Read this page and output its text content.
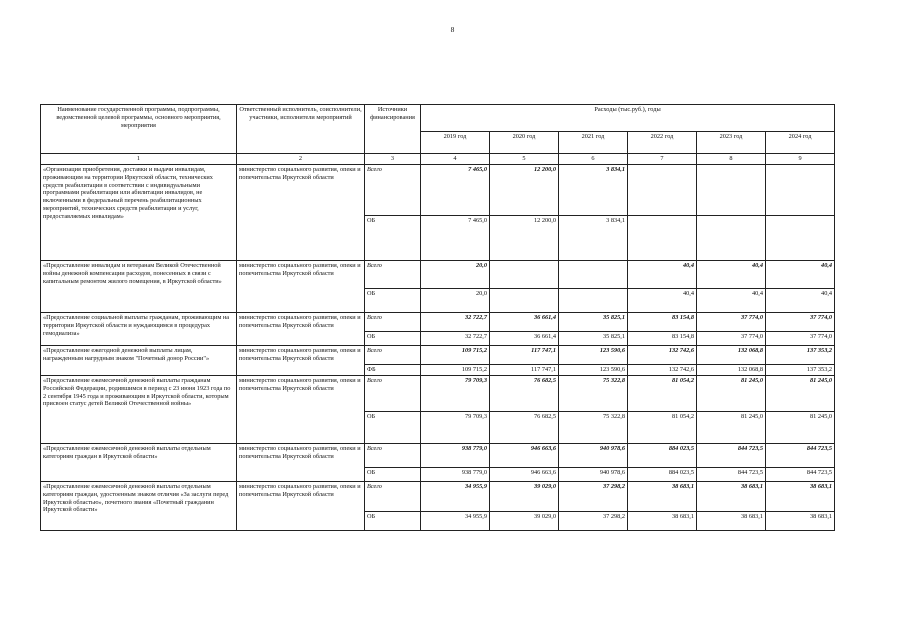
8
Наименование государственной программы, подпрограммы, ведомственной целевой программы, основного мероприятия, мероприятия	Ответственный исполнитель, соисполнители, участники, исполнители мероприятий	Источники финансирования	Расходы (тыс.руб.), годы					
			2019 год	2020 год	2021 год	2022 год	2023 год	2024 год
1	2	3	4	5	6	7	8	9
«Организация приобретения, доставки и выдачи инвалидам, проживающим на территории Иркутской области, технических средств реабилитации в соответствии с индивидуальными программами реабилитации или абилитации инвалидов, не включенными в федеральный перечень реабилитационных мероприятий, технических средств реабилитации и услуг, предоставляемых инвалидам»	министерство социального развития, опеки и попечительства Иркутской области	Всего	7 465,0	12 200,0	3 834,1			
		ОБ	7 465,0	12 200,0	3 834,1			
«Предоставление инвалидам и ветеранам Великой Отечественной войны денежной компенсации расходов, понесенных в связи с капитальным ремонтом жилого помещения, в Иркутской области»	министерство социального развития, опеки и попечительства Иркутской области	Всего	20,0			40,4	40,4	40,4
		ОБ	20,0			40,4	40,4	40,4
«Предоставление социальной выплаты гражданам, проживающим на территории Иркутской области и нуждающимся в процедурах гемодиализа»	министерство социального развития, опеки и попечительства Иркутской области	Всего	32 722,7	36 661,4	35 825,1	83 154,8	37 774,0	37 774,0
		ОБ	32 722,7	36 661,4	35 825,1	83 154,8	37 774,0	37 774,0
«Предоставление ежегодной денежной выплаты лицам, награжденным нагрудным знаком "Почетный донор России"»	министерство социального развития, опеки и попечительства Иркутской области	Всего	109 715,2	117 747,1	123 590,6	132 742,6	132 068,8	137 353,2
		ФБ	109 715,2	117 747,1	123 590,6	132 742,6	132 068,8	137 353,2
«Предоставление ежемесячной денежной выплаты гражданам Российской Федерации, родившимся в период с 23 июня 1923 года по 2 сентября 1945 года и проживающим в Иркутской области, которым присвоен статус детей Великой Отечественной войны»	министерство социального развития, опеки и попечительства Иркутской области	Всего	79 709,3	76 682,5	75 322,8	81 054,2	81 245,0	81 245,0
		ОБ	79 709,3	76 682,5	75 322,8	81 054,2	81 245,0	81 245,0
«Предоставление ежемесячной денежной выплаты отдельным категориям граждан в Иркутской области»	министерство социального развития, опеки и попечительства Иркутской области	Всего	938 779,0	946 663,6	940 978,6	884 023,5	844 723,5	844 723,5
		ОБ	938 779,0	946 663,6	940 978,6	884 023,5	844 723,5	844 723,5
«Предоставление ежемесячной денежной выплаты отдельным категориям граждан, удостоенным знаком отличия «За заслуги перед Иркутской областью», почетного звания «Почетный гражданин Иркутской области»	министерство социального развития, опеки и попечительства Иркутской области	Всего	34 955,9	39 029,0	37 298,2	38 683,1	38 683,1	38 683,1
		ОБ	34 955,9	39 029,0	37 298,2	38 683,1	38 683,1	38 683,1
